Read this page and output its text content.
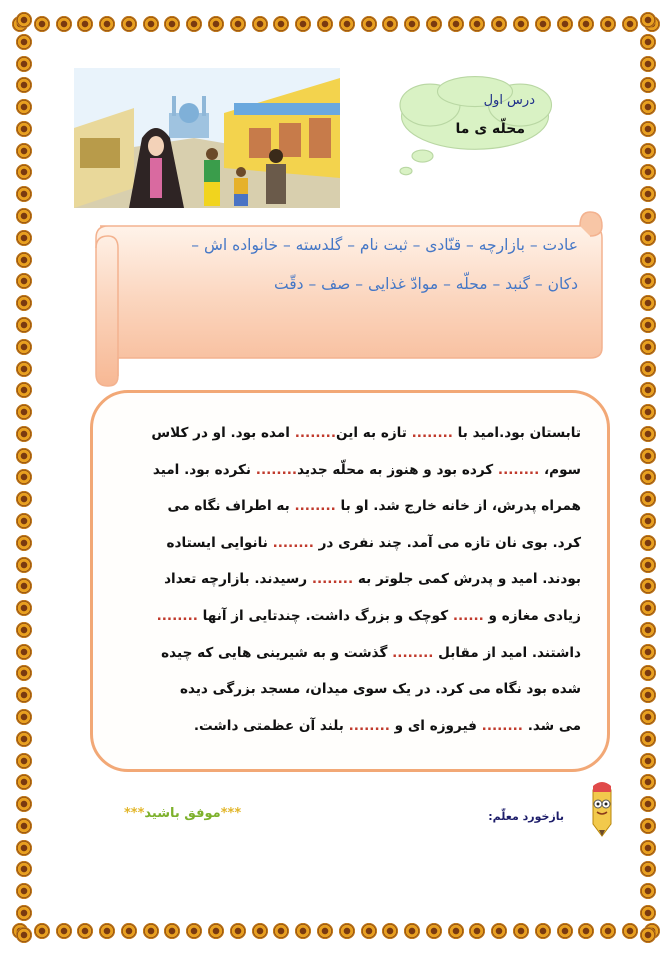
درس اول
محلّه ی ما
عادت – بازارچه – قنّادی – ثبت نام – گلدسته – خانواده اش –
دکان – گنبد – محلّه – موادّ غذایی – صف – دقّت
تابستان بود.امید با ........ تازه به این........ امده بود. او در کلاس
سوم، ........ کرده بود و هنوز به محلّه جدید........ نکرده بود. امید
همراه پدرش، از خانه خارج شد. او با ........ به اطراف نگاه می
کرد. بوی نان تازه می آمد. چند نفری در ........ نانوایی ایستاده
بودند. امید و پدرش کمی جلوتر به ........ رسیدند. بازارچه تعداد
زیادی مغازه و ...... کوچک و بزرگ داشت. چندتایی از آنها ........
داشتند. امید از مقابل ........ گذشت و به شیرینی هایی که چیده
شده بود نگاه می کرد. در یک سوی میدان، مسجد بزرگی دیده
می شد. ........ فیروزه ای و ........ بلند آن عظمتی داشت.
بازخورد معلّم:
***موفق باشید***
